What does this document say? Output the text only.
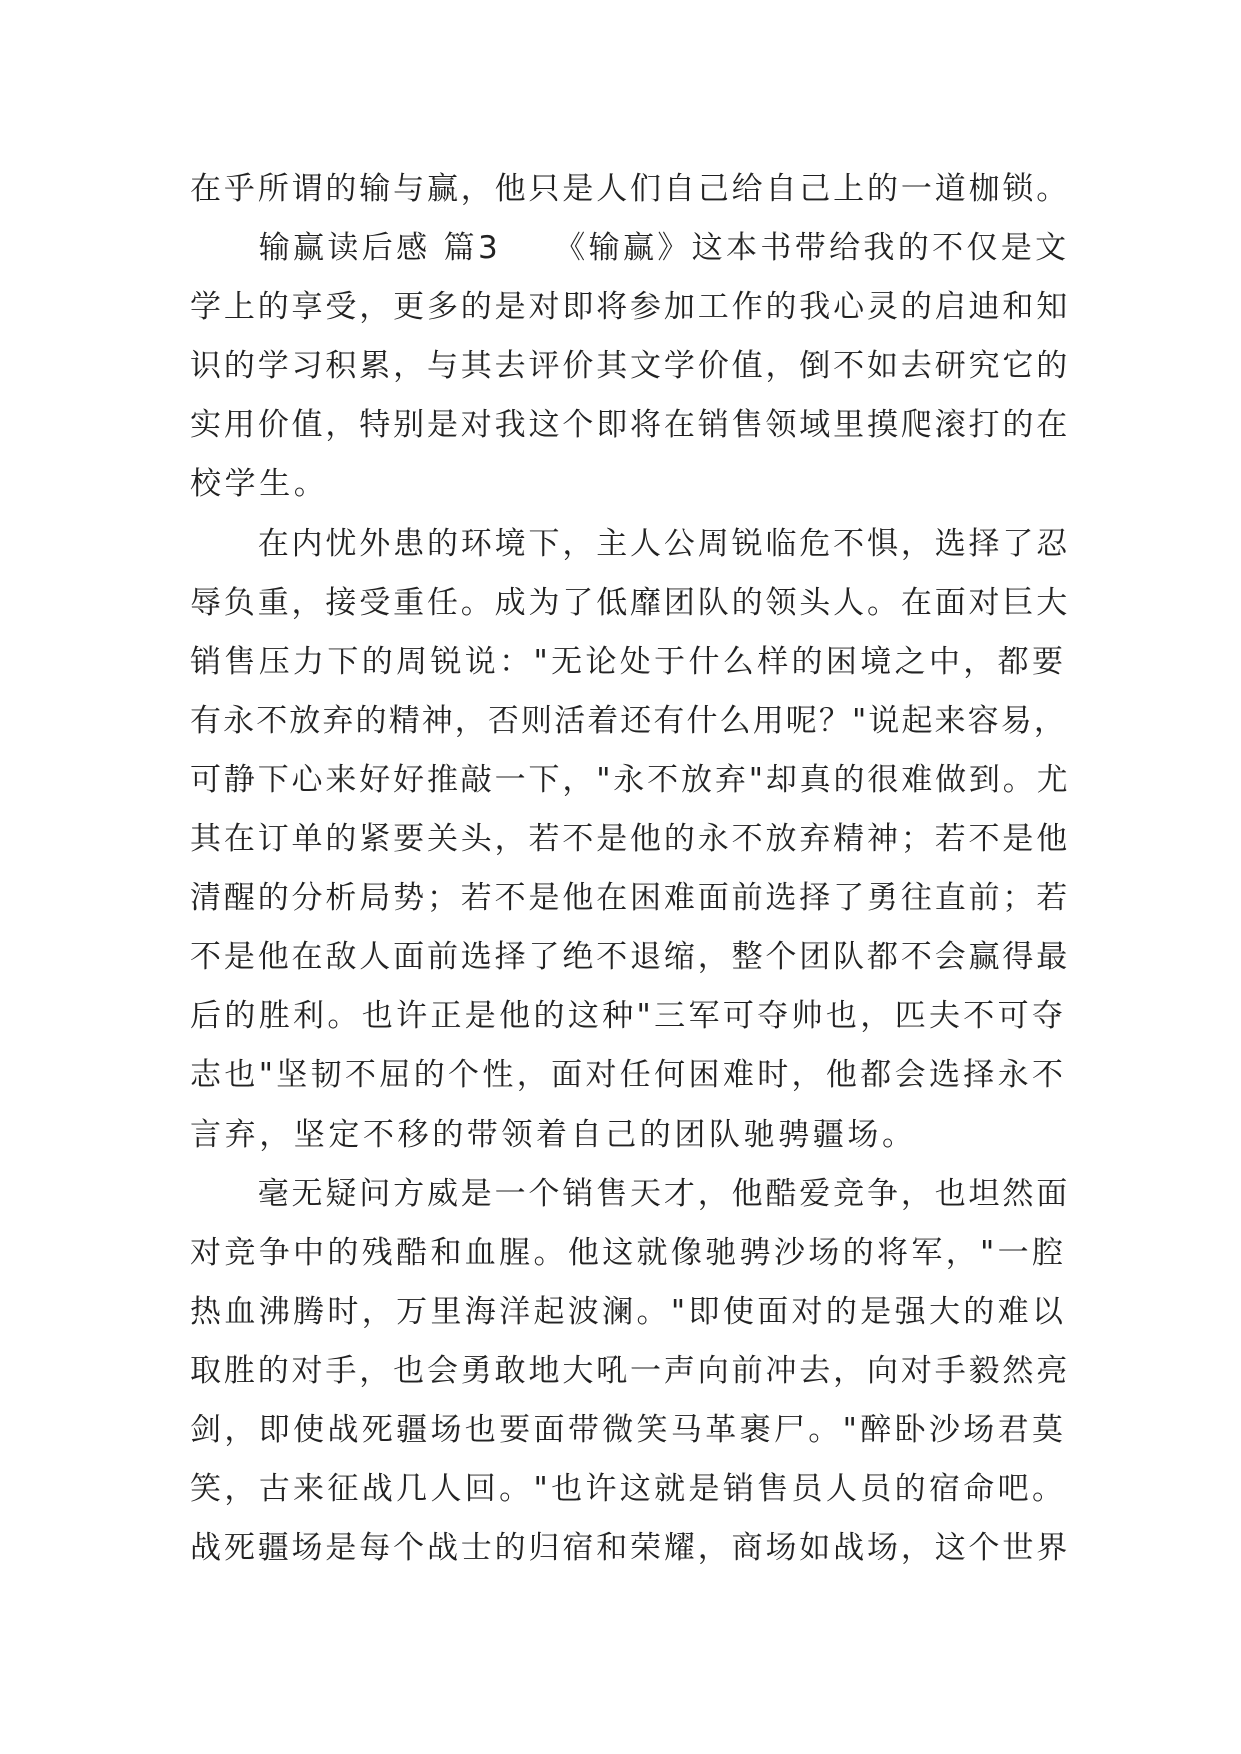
在乎所谓的输与赢，他只是人们自己给自己上的一道枷锁。
　　输赢读后感 篇3　　《输赢》这本书带给我的不仅是文
学上的享受，更多的是对即将参加工作的我心灵的启迪和知
识的学习积累，与其去评价其文学价值，倒不如去研究它的
实用价值，特别是对我这个即将在销售领域里摸爬滚打的在
校学生。
　　在内忧外患的环境下，主人公周锐临危不惧，选择了忍
辱负重，接受重任。成为了低靡团队的领头人。在面对巨大
销售压力下的周锐说："无论处于什么样的困境之中，都要
有永不放弃的精神，否则活着还有什么用呢？"说起来容易，
可静下心来好好推敲一下，"永不放弃"却真的很难做到。尤
其在订单的紧要关头，若不是他的永不放弃精神；若不是他
清醒的分析局势；若不是他在困难面前选择了勇往直前；若
不是他在敌人面前选择了绝不退缩，整个团队都不会赢得最
后的胜利。也许正是他的这种"三军可夺帅也，匹夫不可夺
志也"坚韧不屈的个性，面对任何困难时，他都会选择永不
言弃，坚定不移的带领着自己的团队驰骋疆场。
　　毫无疑问方威是一个销售天才，他酷爱竞争，也坦然面
对竞争中的残酷和血腥。他这就像驰骋沙场的将军，"一腔
热血沸腾时，万里海洋起波澜。"即使面对的是强大的难以
取胜的对手，也会勇敢地大吼一声向前冲去，向对手毅然亮
剑，即使战死疆场也要面带微笑马革裹尸。"醉卧沙场君莫
笑，古来征战几人回。"也许这就是销售员人员的宿命吧。
战死疆场是每个战士的归宿和荣耀，商场如战场，这个世界
